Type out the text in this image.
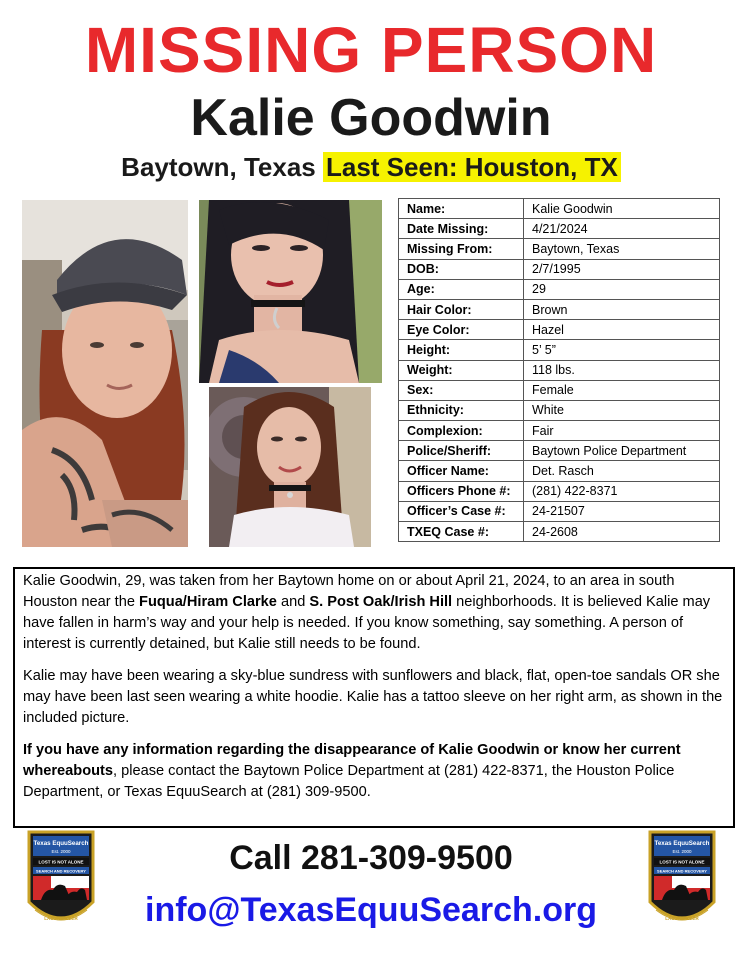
MISSING PERSON
Kalie Goodwin
Baytown, Texas Last Seen: Houston, TX
Name:	Kalie Goodwin
Date Missing:	4/21/2024
Missing From:	Baytown, Texas
DOB:	2/7/1995
Age:	29
Hair Color:	Brown
Eye Color:	Hazel
Height:	5’ 5”
Weight:	118 lbs.
Sex:	Female
Ethnicity:	White
Complexion:	Fair
Police/Sheriff:	Baytown Police Department
Officer Name:	Det. Rasch
Officers Phone #:	(281) 422-8371
Officer’s Case #:	24-21507
TXEQ Case #:	24-2608

Kalie Goodwin, 29, was taken from her Baytown home on or about April 21, 2024, to an area in south Houston near the Fuqua/Hiram Clarke and S. Post Oak/Irish Hill neighborhoods. It is believed Kalie may have fallen in harm’s way and your help is needed. If you know something, say something. A person of interest is currently detained, but Kalie still needs to be found.

Kalie may have been wearing a sky-blue sundress with sunflowers and black, flat, open-toe sandals OR she may have been last seen wearing a white hoodie. Kalie has a tattoo sleeve on her right arm, as shown in the included picture.

If you have any information regarding the disappearance of Kalie Goodwin or know her current whereabouts, please contact the Baytown Police Department at (281) 422-8371, the Houston Police Department, or Texas EquuSearch at (281) 309-9500.

Texas EquuSearch
Est. 2000
LOST IS NOT ALONE
SEARCH AND RECOVERY
LAURA MILLER
Texas EquuSearch
Est. 2000
LOST IS NOT ALONE
SEARCH AND RECOVERY
LAURA MILLER
Call 281-309-9500
info@TexasEquuSearch.org
